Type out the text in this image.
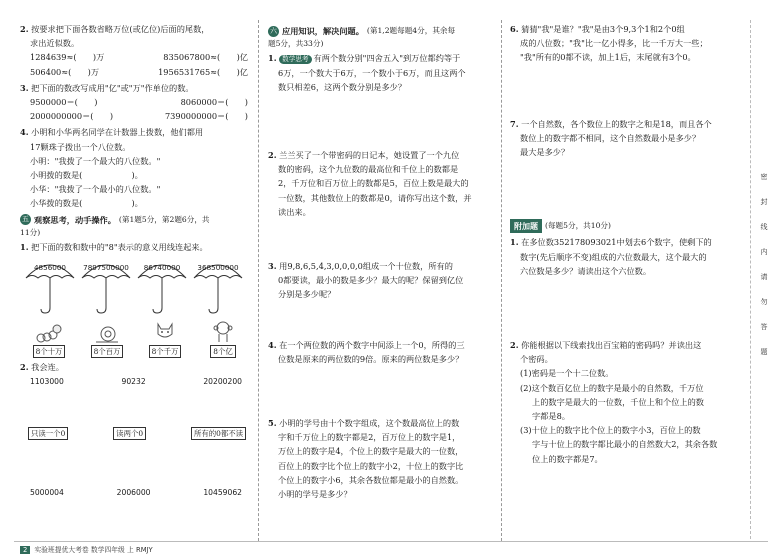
2. 按要求把下面各数省略万位(或亿位)后面的尾数，
求出近似数。
1284639≈(　　)万	835067800≈(　　)亿
506400≈(　　)万	1956531765≈(　　)亿
3. 把下面的数改写成用"亿"或"万"作单位的数。
9500000＝(　　)	8060000＝(　　)
2000000000＝(　　)	7390000000＝(　　)
4. 小明和小华两名同学在计数器上拨数，他们都用
17颗珠子拨出一个八位数。
小明："我拨了一个最大的八位数。"
小明拨的数是(　　　　　　)。
小华："我拨了一个最小的八位数。"
小华拨的数是(　　　　　　)。
五 观察思考，动手操作。 (第1题5分，第2题6分，共
11分)
1. 把下面的数和数中的"8"表示的意义用线连起来。
4856000	7897500000	86740000	368500000
8个十万	8个百万	8个千万	8个亿
2. 我会连。
1103000	90232	20200200
只读一个0	读两个0	所有的0都不读
5000004	2006000	10459062
六 应用知识，解决问题。 (第1,2题每题4分，其余每
题5分，共33分)
1. 数学思考 有两个数分别"四舍五入"到万位都约等于
6万，一个数大于6万，一个数小于6万，而且这两个
数只相差6，这两个数分别是多少？
2. 兰兰买了一个带密码的日记本，她设置了一个九位
数的密码，这个九位数的最高位和千位上的数都是
2，千万位和百万位上的数都是5，百位上数是最大的
一位数，其他数位上的数都是0，请你写出这个数，并
读出来。
3. 用9,8,6,5,4,3,0,0,0,0组成一个十位数，所有的
0都要读，最小的数是多少？最大的呢？保留到亿位
分别是多少呢？
4. 在一个两位数的两个数字中间添上一个0，所得的三
位数是原来的两位数的9倍。原来的两位数是多少？
5. 小明的学号由十个数字组成，这个数最高位上的数
字和千万位上的数字都是2，百万位上的数字是1，
万位上的数字是4，个位上的数字是最大的一位数，
百位上的数字比个位上的数字小2，十位上的数字比
个位上的数字小6，其余各数位都是最小的自然数。
小明的学号是多少？
6. 猜猜"我"是谁？"我"是由3个9,3个1和2个0组
成的八位数；"我"比一亿小得多，比一千万大一些；
"我"所有的0都不读，加上1后，末尾就有3个0。
7. 一个自然数，各个数位上的数字之和是18，而且各个
数位上的数字都不相同，这个自然数最小是多少？
最大是多少？
附加题 (每题5分，共10分)
1. 在多位数352178093021中划去6个数字，使剩下的
数字(先后顺序不变)组成的六位数最大，这个最大的
六位数是多少？请读出这个六位数。
2. 你能根据以下线索找出百宝箱的密码吗？并读出这
个密码。
(1)密码是一个十二位数。
(2)这个数百亿位上的数字是最小的自然数，千万位
上的数字是最大的一位数，千位上和个位上的数
字都是8。
(3)十位上的数字比个位上的数字小3，百位上的数
字与十位上的数字都比最小的自然数大2，其余各数
位上的数字都是7。
密
封
线
内
请
勿
答
题
2 实验班提优大考卷 数学四年级 上 RMJY
